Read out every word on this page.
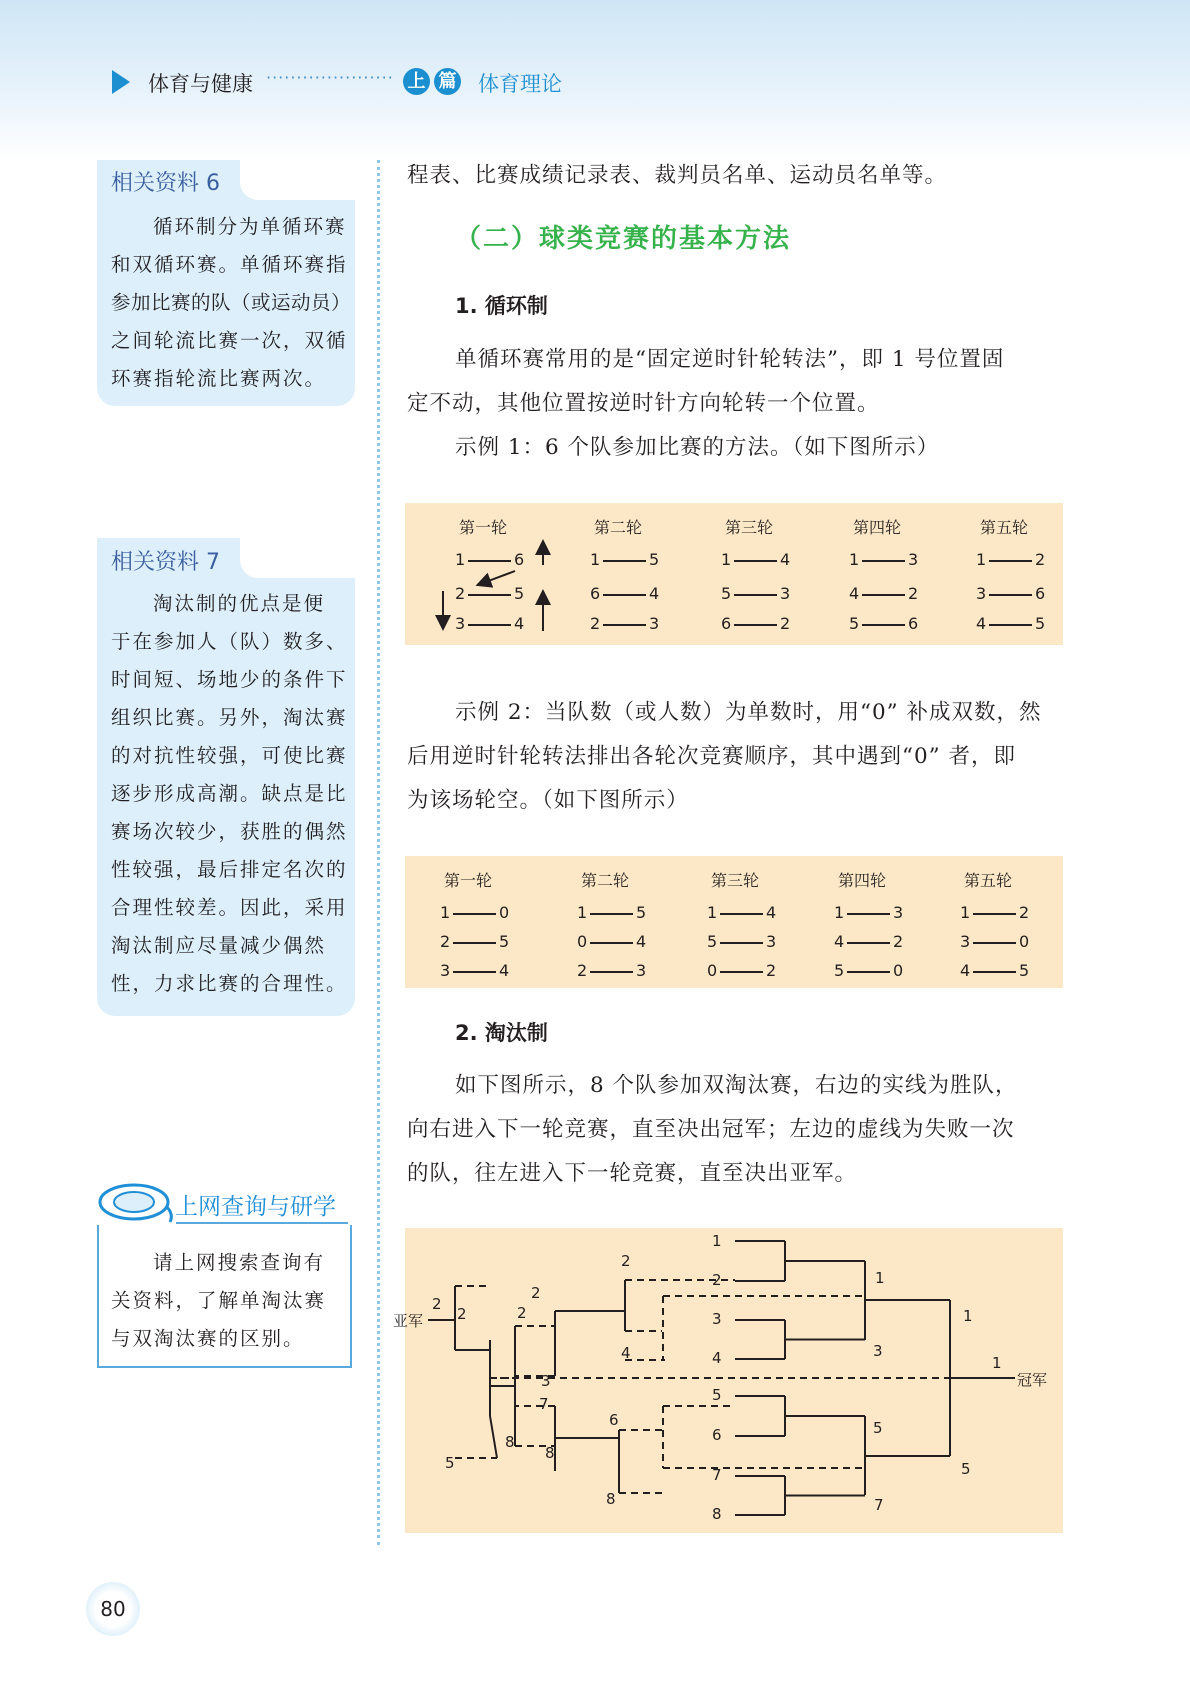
体育与健康 ····················· 上 篇 体育理论
相关资料 6
循环制分为单循环赛
和双循环赛。单循环赛指
参加比赛的队（或运动员）
之间轮流比赛一次，双循
环赛指轮流比赛两次。
相关资料 7
淘汰制的优点是便
于在参加人（队）数多、
时间短、场地少的条件下
组织比赛。另外，淘汰赛
的对抗性较强，可使比赛
逐步形成高潮。缺点是比
赛场次较少，获胜的偶然
性较强，最后排定名次的
合理性较差。因此，采用
淘汰制应尽量减少偶然
性，力求比赛的合理性。
上网查询与研学
请上网搜索查询有
关资料，了解单淘汰赛
与双淘汰赛的区别。
程表、比赛成绩记录表、裁判员名单、运动员名单等。
（二）球类竞赛的基本方法
1. 循环制
单循环赛常用的是“固定逆时针轮转法”，即 1 号位置固
定不动，其他位置按逆时针方向轮转一个位置。
示例 1：6 个队参加比赛的方法。（如下图所示）
第一轮
1	6
2	5
3	4
第二轮
1	5
6	4
2	3
第三轮
1	4
5	3
6	2
第四轮
1	3
4	2
5	6
第五轮
1	2
3	6
4	5
示例 2：当队数（或人数）为单数时，用“0” 补成双数，然
后用逆时针轮转法排出各轮次竞赛顺序，其中遇到“0” 者，即
为该场轮空。（如下图所示）
第一轮
1	0
2	5
3	4
第二轮
1	5
0	4
2	3
第三轮
1	4
5	3
0	2
第四轮
1	3
4	2
5	0
第五轮
1	2
3	0
4	5
2. 淘汰制
如下图所示，8 个队参加双淘汰赛，右边的实线为胜队，
向右进入下一轮竞赛，直至决出冠军；左边的虚线为失败一次
的队，往左进入下一轮竞赛，直至决出亚军。
1
2
3
4
5
6
7
8
1
3
5
7
1
5
1
冠军
2
4
6
8
2
8
3
7
2
8
2
5
2
亚军
80
